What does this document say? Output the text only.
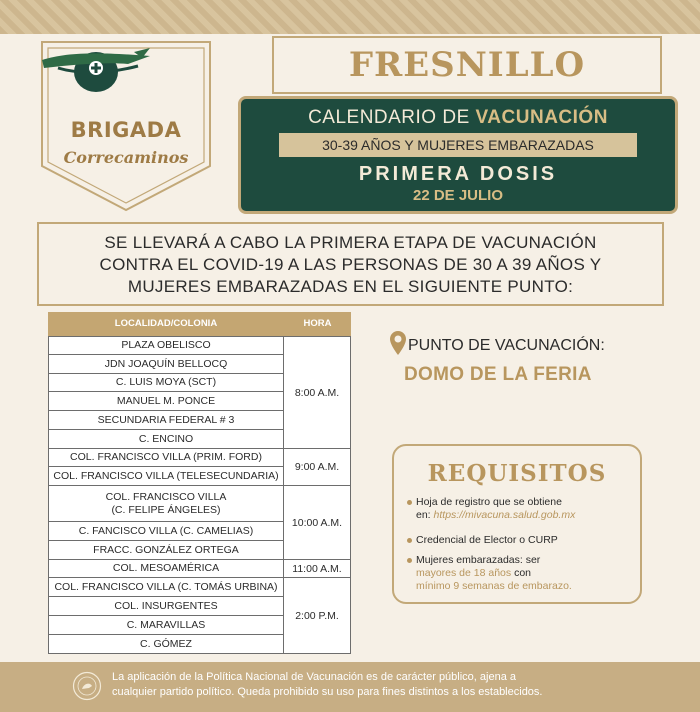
BRIGADA
Correcaminos
FRESNILLO
CALENDARIO DE VACUNACIÓN
30-39 AÑOS Y MUJERES EMBARAZADAS
PRIMERA DOSIS
22 DE JULIO
SE LLEVARÁ A CABO LA PRIMERA ETAPA DE VACUNACIÓN
CONTRA EL COVID-19 A LAS PERSONAS DE 30 A 39 AÑOS Y
MUJERES EMBARAZADAS EN EL SIGUIENTE PUNTO:
LOCALIDAD/COLONIA	HORA
PLAZA OBELISCO
JDN JOAQUÍN BELLOCQ
C. LUIS MOYA (SCT)
MANUEL M. PONCE
SECUNDARIA FEDERAL # 3
C. ENCINO
COL. FRANCISCO VILLA (PRIM. FORD)
COL. FRANCISCO VILLA (TELESECUNDARIA)
COL. FRANCISCO VILLA
(C. FELIPE ÁNGELES)
C. FANCISCO VILLA (C. CAMELIAS)
FRACC. GONZÁLEZ ORTEGA
COL. MESOAMÉRICA
COL. FRANCISCO VILLA (C. TOMÁS URBINA)
COL. INSURGENTES
C. MARAVILLAS
C. GÓMEZ
8:00 A.M.
9:00 A.M.
10:00 A.M.
11:00 A.M.
2:00 P.M.
PUNTO DE VACUNACIÓN:
DOMO DE LA FERIA
REQUISITOS
Hoja de registro que se obtiene
en: https://mivacuna.salud.gob.mx
Credencial de Elector o CURP
Mujeres embarazadas: ser
mayores de 18 años con
mínimo 9 semanas de embarazo.
La aplicación de la Política Nacional de Vacunación es de carácter público, ajena a
cualquier partido político. Queda prohibido su uso para fines distintos a los establecidos.
